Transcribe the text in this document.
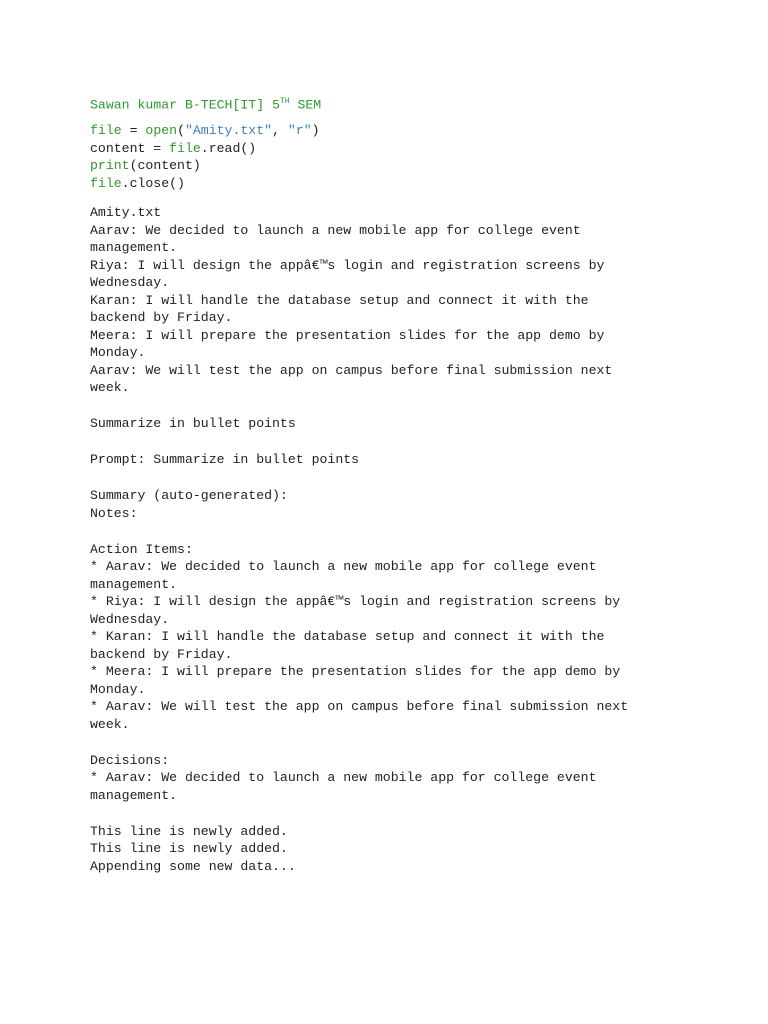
Sawan kumar B-TECH[IT] 5TH SEM
file = open("Amity.txt", "r")
content = file.read()
print(content)
file.close()
Amity.txt
Aarav: We decided to launch a new mobile app for college event
management.
Riya: I will design the appâ€™s login and registration screens by
Wednesday.
Karan: I will handle the database setup and connect it with the
backend by Friday.
Meera: I will prepare the presentation slides for the app demo by
Monday.
Aarav: We will test the app on campus before final submission next
week.
Summarize in bullet points
Prompt: Summarize in bullet points
Summary (auto-generated):
Notes:
Action Items:
* Aarav: We decided to launch a new mobile app for college event
management.
* Riya: I will design the appâ€™s login and registration screens by
Wednesday.
* Karan: I will handle the database setup and connect it with the
backend by Friday.
* Meera: I will prepare the presentation slides for the app demo by
Monday.
* Aarav: We will test the app on campus before final submission next
week.
Decisions:
* Aarav: We decided to launch a new mobile app for college event
management.
This line is newly added.
This line is newly added.
Appending some new data...
